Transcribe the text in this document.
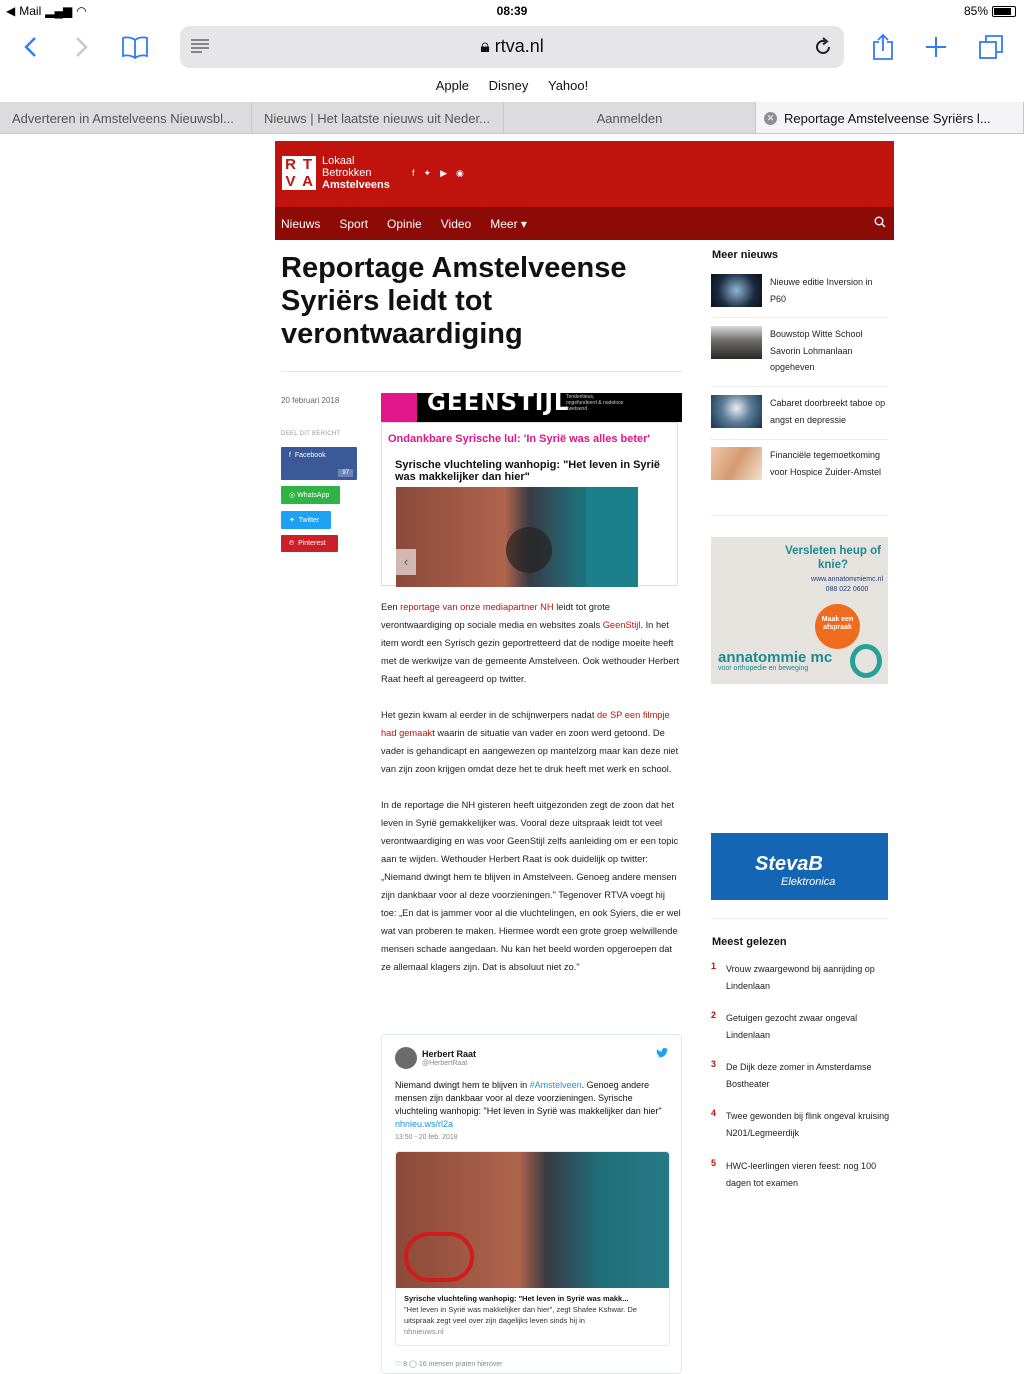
◀ Mail ▂▄▆ ◠	08:39	85%
🔒︎ rtva.nl
Apple Disney Yahoo!
Adverteren in Amstelveens Nieuwsbl...	Nieuws | Het laatste nieuws uit Neder...	Aanmelden	✕ Reportage Amstelveense Syriërs l...
R T
V A
Lokaal
Betrokken
Amstelveens
f ✦ ▶ ◉
Nieuws Sport Opinie Video Meer ▾
Reportage Amstelveense Syriërs leidt tot verontwaardiging
20 februari 2018
DEEL DIT BERICHT
f Facebook
97
◎ WhatsApp
✦ Twitter
℗ Pinterest
GEENSTIJL
Tendentieus, ongefundeerd & nodeloos kwetsend
Ondankbare Syrische lul: 'In Syrië was alles beter'
Syrische vluchteling wanhopig: "Het leven in Syrië was makkelijker dan hier"
‹

Een reportage van onze mediapartner NH leidt tot grote verontwaardiging op sociale media en websites zoals GeenStijl. In het item wordt een Syrisch gezin geportretteerd dat de nodige moeite heeft met de werkwijze van de gemeente Amstelveen. Ook wethouder Herbert Raat heeft al gereageerd op twitter.

Het gezin kwam al eerder in de schijnwerpers nadat de SP een filmpje had gemaakt waarin de situatie van vader en zoon werd getoond. De vader is gehandicapt en aangewezen op mantelzorg maar kan deze niet van zijn zoon krijgen omdat deze het te druk heeft met werk en school.

In de reportage die NH gisteren heeft uitgezonden zegt de zoon dat het leven in Syrië gemakkelijker was. Vooral deze uitspraak leidt tot veel verontwaardiging en was voor GeenStijl zelfs aanleiding om er een topic aan te wijden. Wethouder Herbert Raat is ook duidelijk op twitter: „Niemand dwingt hem te blijven in Amstelveen. Genoeg andere mensen zijn dankbaar voor al deze voorzieningen." Tegenover RTVA voegt hij toe: „En dat is jammer voor al die vluchtelingen, en ook Syiers, die er wel wat van proberen te maken. Hiermee wordt een grote groep welwillende mensen schade aangedaan. Nu kan het beeld worden opgeroepen dat ze allemaal klagers zijn. Dat is absoluut niet zo."

Herbert Raat
@HerbertRaat
Niemand dwingt hem te blijven in #Amstelveen. Genoeg andere mensen zijn dankbaar voor al deze voorzieningen. Syrische vluchteling wanhopig: "Het leven in Syrië was makkelijker dan hier" nhnieu.ws/rl2a
13:50 - 20 feb. 2018
Syrische vluchteling wanhopig: "Het leven in Syrië was makk...
"Het leven in Syrië was makkelijker dan hier", zegt Shafee Kshwar. De uitspraak zegt veel over zijn dagelijks leven sinds hij in
nhnieuws.nl
♡ 8 ◯ 16 mensen praten hierover
Meer nieuws
Nieuwe editie Inversion in P60
Bouwstop Witte School Savorin Lohmanlaan opgeheven
Cabaret doorbreekt taboe op angst en depressie
Financiële tegemoetkoming voor Hospice Zuider-Amstel
Versleten heup of knie?
www.annatommiemc.nl
088 022 0600
Maak een afspraak
annatommie mc
voor orthopedie en beweging
StevaB
Elektronica
Meest gelezen
1 Vrouw zwaargewond bij aanrijding op Lindenlaan
2 Getuigen gezocht zwaar ongeval Lindenlaan
3 De Dijk deze zomer in Amsterdamse Bostheater
4 Twee gewonden bij flink ongeval kruising N201/Legmeerdijk
5 HWC-leerlingen vieren feest: nog 100 dagen tot examen
